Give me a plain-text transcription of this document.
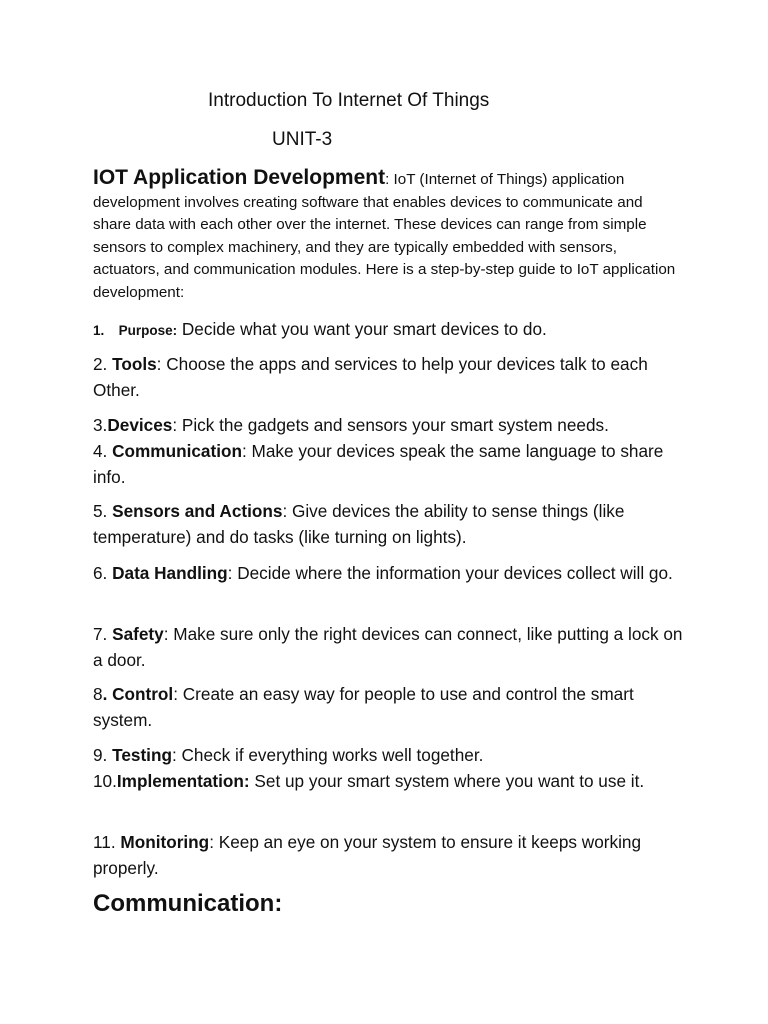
Introduction To Internet Of Things
UNIT-3
IOT Application Development: IoT (Internet of Things) application development involves creating software that enables devices to communicate and share data with each other over the internet. These devices can range from simple sensors to complex machinery, and they are typically embedded with sensors, actuators, and communication modules. Here is a step-by-step guide to IoT application development:
1. Purpose: Decide what you want your smart devices to do.
2. Tools: Choose the apps and services to help your devices talk to each Other.
3.Devices: Pick the gadgets and sensors your smart system needs.
4. Communication: Make your devices speak the same language to share info.
5. Sensors and Actions: Give devices the ability to sense things (like temperature) and do tasks (like turning on lights).
6. Data Handling: Decide where the information your devices collect will go.
7. Safety: Make sure only the right devices can connect, like putting a lock on a door.
8. Control: Create an easy way for people to use and control the smart system.
9. Testing: Check if everything works well together.
10.Implementation: Set up your smart system where you want to use it.
11. Monitoring: Keep an eye on your system to ensure it keeps working properly.
Communication:
